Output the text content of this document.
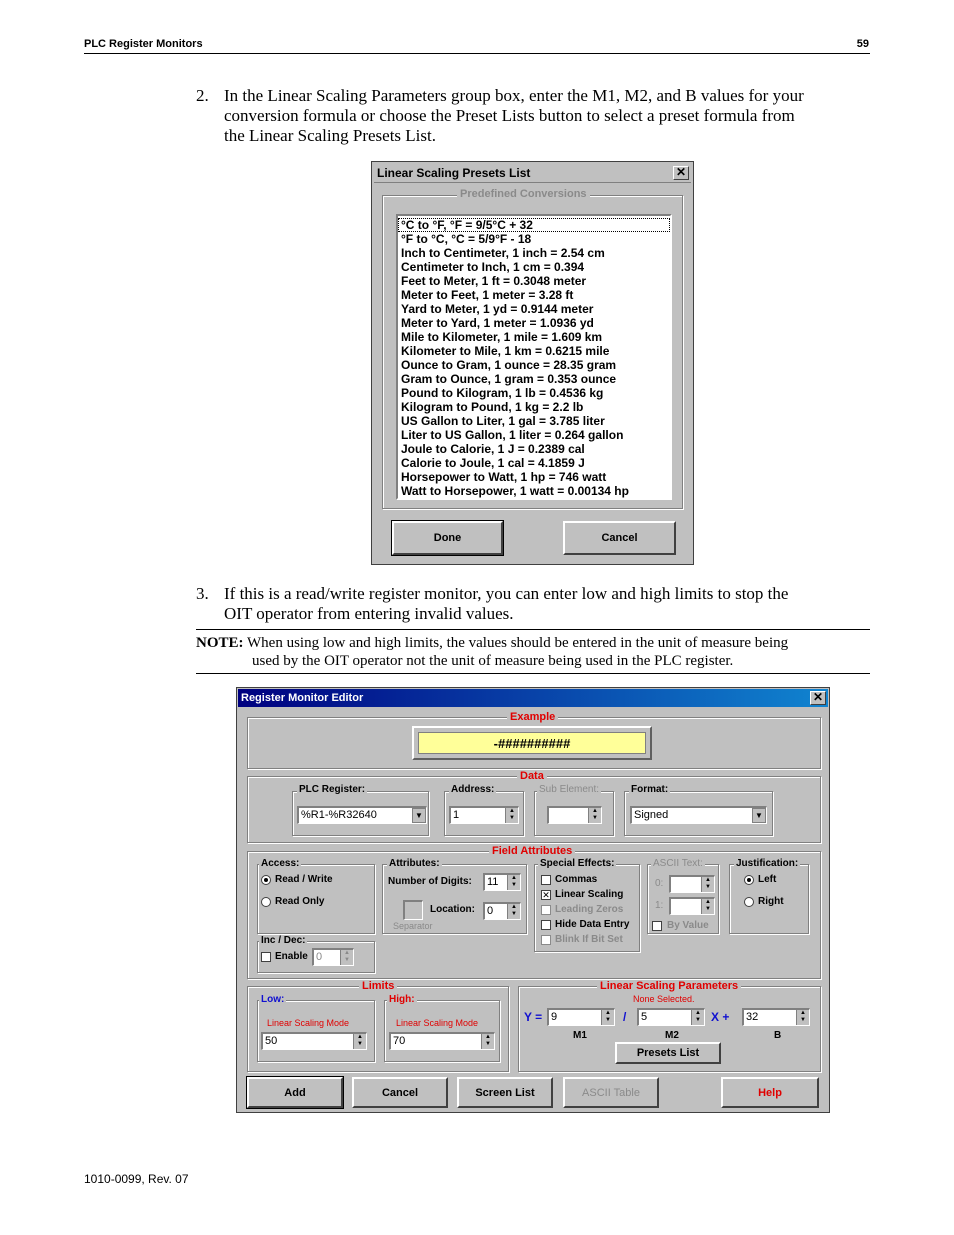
PLC Register Monitors	59
2. In the Linear Scaling Parameters group box, enter the M1, M2, and B values for your
conversion formula or choose the Preset Lists button to select a preset formula from
the Linear Scaling Presets List.
Linear Scaling Presets List	✕
Predefined Conversions
°C to °F, °F = 9/5°C + 32
°F to °C, °C = 5/9°F - 18
Inch to Centimeter, 1 inch = 2.54 cm
Centimeter to Inch, 1 cm = 0.394
Feet to Meter, 1 ft = 0.3048 meter
Meter to Feet, 1 meter = 3.28 ft
Yard to Meter, 1 yd = 0.9144 meter
Meter to Yard, 1 meter = 1.0936 yd
Mile to Kilometer, 1 mile = 1.609 km
Kilometer to Mile, 1 km = 0.6215 mile
Ounce to Gram, 1 ounce = 28.35 gram
Gram to Ounce, 1 gram = 0.353 ounce
Pound to Kilogram, 1 lb = 0.4536 kg
Kilogram to Pound, 1 kg = 2.2 lb
US Gallon to Liter, 1 gal = 3.785 liter
Liter to US Gallon, 1 liter = 0.264 gallon
Joule to Calorie, 1 J = 0.2389 cal
Calorie to Joule, 1 cal = 4.1859 J
Horsepower to Watt, 1 hp = 746 watt
Watt to Horsepower, 1 watt = 0.00134 hp
Done	Cancel
3. If this is a read/write register monitor, you can enter low and high limits to stop the
OIT operator from entering invalid values.
NOTE: When using low and high limits, the values should be entered in the unit of measure being
used by the OIT operator not the unit of measure being used in the PLC register.
Register Monitor Editor	✕
Example
-##########
Data
PLC Register:
%R1-%R32640	▼
Address:
1	▲
▼
Sub Element:
▲
▼
Format:
Signed	▼
Field Attributes
Access:
Read / Write
Read Only
Inc / Dec:
Enable 0	▲
▼
Attributes:
Number of Digits:	11	▲
▼
Separator
Location:	0	▲
▼
Special Effects:
Commas
✕ Linear Scaling
Leading Zeros
Hide Data Entry
Blink If Bit Set
ASCII Text:
0:	▲
▼
1:	▲
▼
By Value
Justification:
Left
Right
Limits
Low:
Linear Scaling Mode
50	▲
▼
High:
Linear Scaling Mode
70	▲
▼
Linear Scaling Parameters
None Selected.
Y = 9	▲
▼ /	5	▲
▼ X +	32	▲
▼
M1	M2	B
Presets List
Add	Cancel	Screen List	ASCII Table	Help
1010-0099, Rev. 07
